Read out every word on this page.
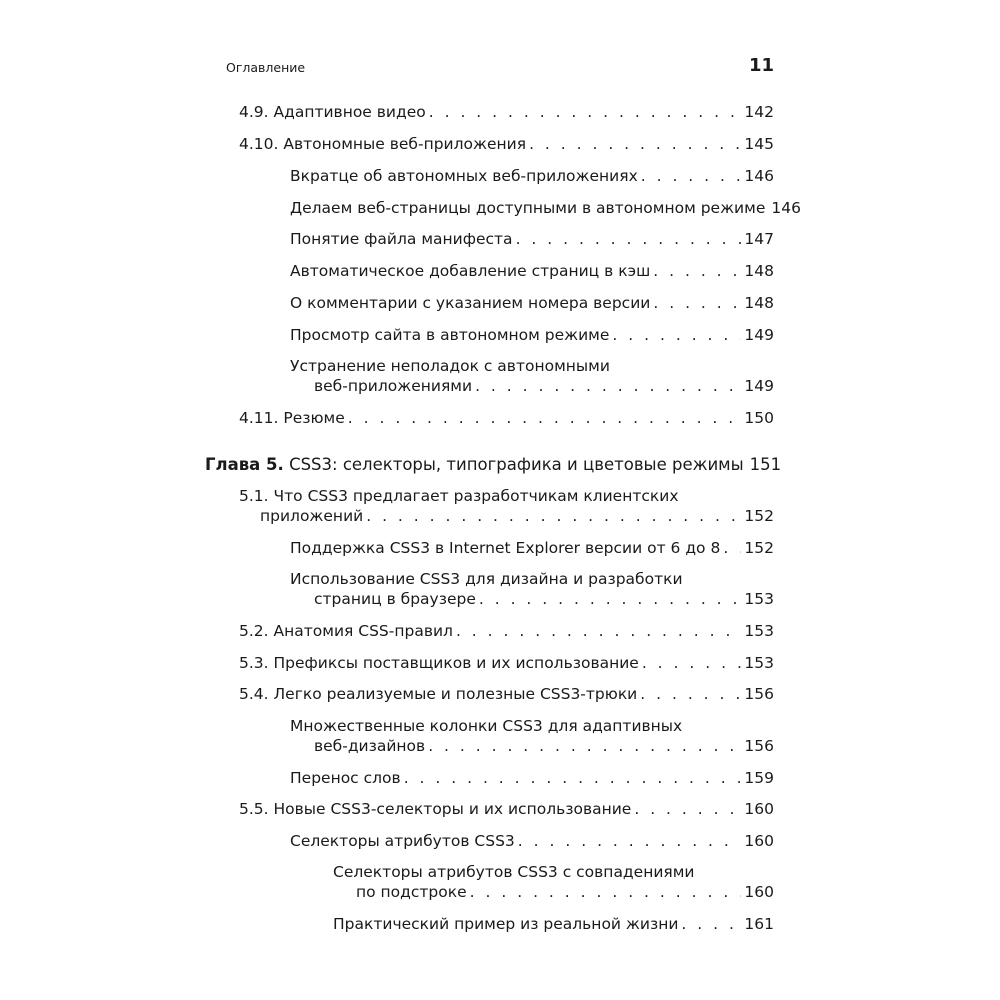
Оглавление	11
4.9. Адаптивное видео . . .	142
4.10. Автономные веб-приложения . . .	145
Вкратце об автономных веб-приложениях . . .	146
Делаем веб-страницы доступными в автономном режиме 146
Понятие файла манифеста . . .	147
Автоматическое добавление страниц в кэш . . .	148
О комментарии с указанием номера версии . . .	148
Просмотр сайта в автономном режиме . . .	149
Устранение неполадок с автономными
веб-приложениями . . .	149
4.11. Резюме . . .	150
Глава 5. CSS3: селекторы, типографика и цветовые режимы 151
5.1. Что CSS3 предлагает разработчикам клиентских
приложений . . .	152
Поддержка CSS3 в Internet Explorer версии от 6 до 8 . . . 152
Использование CSS3 для дизайна и разработки
страниц в браузере . . .	153
5.2. Анатомия CSS-правил . . .	153
5.3. Префиксы поставщиков и их использование . . .	153
5.4. Легко реализуемые и полезные CSS3-трюки . . .	156
Множественные колонки CSS3 для адаптивных
веб-дизайнов . . .	156
Перенос слов . . .	159
5.5. Новые CSS3-селекторы и их использование . . .	160
Селекторы атрибутов CSS3 . . .	160
Селекторы атрибутов CSS3 с совпадениями
по подстроке . . .	160
Практический пример из реальной жизни . . .	161
